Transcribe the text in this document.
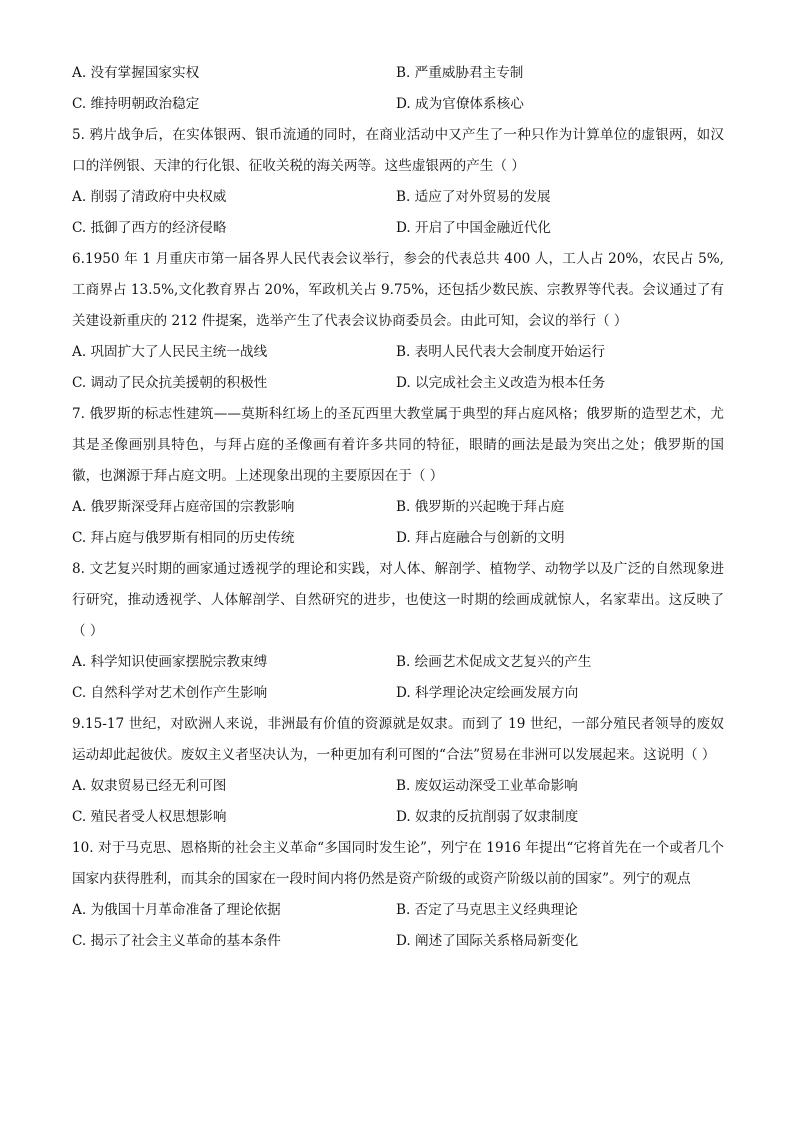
A. 没有掌握国家实权	B. 严重威胁君主专制
C. 维持明朝政治稳定	D. 成为官僚体系核心
5. 鸦片战争后，在实体银两、银币流通的同时，在商业活动中又产生了一种只作为计算单位的虚银两，如汉口的洋例银、天津的行化银、征收关税的海关两等。这些虚银两的产生（ ）
A. 削弱了清政府中央权威	B. 适应了对外贸易的发展
C. 抵御了西方的经济侵略	D. 开启了中国金融近代化
6.1950 年 1 月重庆市第一届各界人民代表会议举行，参会的代表总共 400 人，工人占 20%，农民占 5%,工商界占 13.5%,文化教育界占 20%，军政机关占 9.75%，还包括少数民族、宗教界等代表。会议通过了有关建设新重庆的 212 件提案，选举产生了代表会议协商委员会。由此可知，会议的举行（ ）
A. 巩固扩大了人民民主统一战线	B. 表明人民代表大会制度开始运行
C. 调动了民众抗美援朝的积极性	D. 以完成社会主义改造为根本任务
7. 俄罗斯的标志性建筑——莫斯科红场上的圣瓦西里大教堂属于典型的拜占庭风格；俄罗斯的造型艺术，尤其是圣像画别具特色，与拜占庭的圣像画有着许多共同的特征，眼睛的画法是最为突出之处；俄罗斯的国徽，也渊源于拜占庭文明。上述现象出现的主要原因在于（ ）
A. 俄罗斯深受拜占庭帝国的宗教影响	B. 俄罗斯的兴起晚于拜占庭
C. 拜占庭与俄罗斯有相同的历史传统	D. 拜占庭融合与创新的文明
8. 文艺复兴时期的画家通过透视学的理论和实践，对人体、解剖学、植物学、动物学以及广泛的自然现象进行研究，推动透视学、人体解剖学、自然研究的进步，也使这一时期的绘画成就惊人，名家辈出。这反映了（ ）
A. 科学知识使画家摆脱宗教束缚	B. 绘画艺术促成文艺复兴的产生
C. 自然科学对艺术创作产生影响	D. 科学理论决定绘画发展方向
9.15-17 世纪，对欧洲人来说，非洲最有价值的资源就是奴隶。而到了 19 世纪，一部分殖民者领导的废奴运动却此起彼伏。废奴主义者坚决认为，一种更加有利可图的“合法”贸易在非洲可以发展起来。这说明（ ）
A. 奴隶贸易已经无利可图	B. 废奴运动深受工业革命影响
C. 殖民者受人权思想影响	D. 奴隶的反抗削弱了奴隶制度
10. 对于马克思、恩格斯的社会主义革命“多国同时发生论”，列宁在 1916 年提出“它将首先在一个或者几个国家内获得胜利，而其余的国家在一段时间内将仍然是资产阶级的或资产阶级以前的国家”。列宁的观点
A. 为俄国十月革命准备了理论依据	B. 否定了马克思主义经典理论
C. 揭示了社会主义革命的基本条件	D. 阐述了国际关系格局新变化
